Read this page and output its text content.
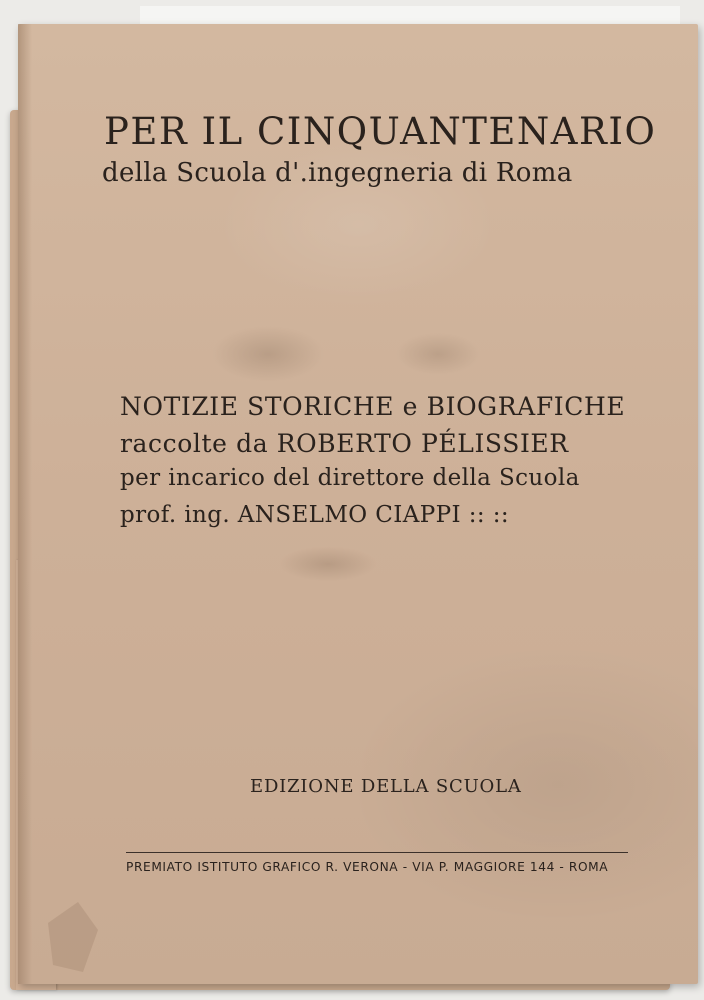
PER IL CINQUANTENARIO
della Scuola d'.ingegneria di Roma
NOTIZIE STORICHE e BIOGRAFICHE
raccolte da ROBERTO PÉLISSIER
per incarico del direttore della Scuola
prof. ing. ANSELMO CIAPPI :: ::
EDIZIONE DELLA SCUOLA
PREMIATO ISTITUTO GRAFICO R. VERONA - VIA P. MAGGIORE 144 - ROMA
